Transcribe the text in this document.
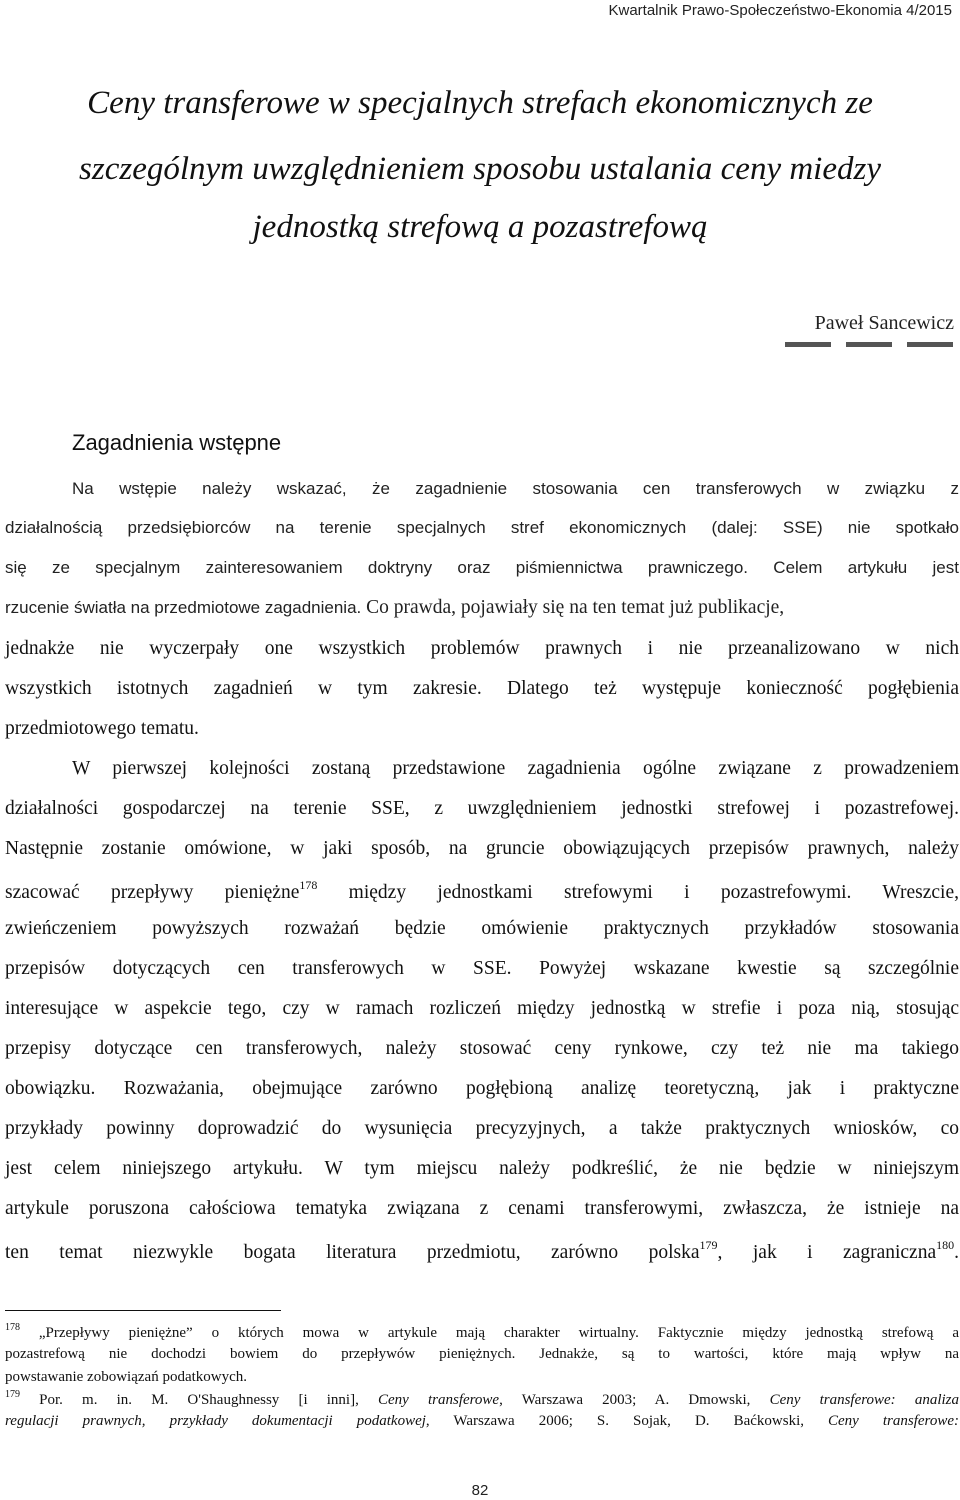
Kwartalnik Prawo-Społeczeństwo-Ekonomia 4/2015
Ceny transferowe w specjalnych strefach ekonomicznych ze
szczególnym uwzględnieniem sposobu ustalania ceny miedzy
jednostką strefową a pozastrefową
Paweł Sancewicz
Zagadnienia wstępne
Na wstępie należy wskazać, że zagadnienie stosowania cen transferowych w związku z
działalnością przedsiębiorców na terenie specjalnych stref ekonomicznych (dalej: SSE) nie spotkało
się ze specjalnym zainteresowaniem doktryny oraz piśmiennictwa prawniczego. Celem artykułu jest
rzucenie światła na przedmiotowe zagadnienia. Co prawda, pojawiały się na ten temat już publikacje,
jednakże nie wyczerpały one wszystkich problemów prawnych i nie przeanalizowano w nich
wszystkich istotnych zagadnień w tym zakresie. Dlatego też występuje konieczność pogłębienia
przedmiotowego tematu.
W pierwszej kolejności zostaną przedstawione zagadnienia ogólne związane z prowadzeniem
działalności gospodarczej na terenie SSE, z uwzględnieniem jednostki strefowej i pozastrefowej.
Następnie zostanie omówione, w jaki sposób, na gruncie obowiązujących przepisów prawnych, należy
szacować przepływy pieniężne$^{178}$ między jednostkami strefowymi i pozastrefowymi. Wreszcie,
zwieńczeniem powyższych rozważań będzie omówienie praktycznych przykładów stosowania
przepisów dotyczących cen transferowych w SSE. Powyżej wskazane kwestie są szczególnie
interesujące w aspekcie tego, czy w ramach rozliczeń między jednostką w strefie i poza nią, stosując
przepisy dotyczące cen transferowych, należy stosować ceny rynkowe, czy też nie ma takiego
obowiązku. Rozważania, obejmujące zarówno pogłębioną analizę teoretyczną, jak i praktyczne
przykłady powinny doprowadzić do wysunięcia precyzyjnych, a także praktycznych wniosków, co
jest celem niniejszego artykułu. W tym miejscu należy podkreślić, że nie będzie w niniejszym
artykule poruszona całościowa tematyka związana z cenami transferowymi, zwłaszcza, że istnieje na
ten temat niezwykle bogata literatura przedmiotu, zarówno polska$^{179}$, jak i zagraniczna$^{180}$.
$^{178}$ „Przepływy pieniężne” o których mowa w artykule mają charakter wirtualny. Faktycznie między jednostką strefową a
pozastrefową nie dochodzi bowiem do przepływów pieniężnych. Jednakże, są to wartości, które mają wpływ na
powstawanie zobowiązań podatkowych.
$^{179}$ Por. m. in. M. O'Shaughnessy [i inni], Ceny transferowe, Warszawa 2003; A. Dmowski, Ceny transferowe: analiza
regulacji prawnych, przykłady dokumentacji podatkowej, Warszawa 2006; S. Sojak, D. Baćkowski, Ceny transferowe:
82
